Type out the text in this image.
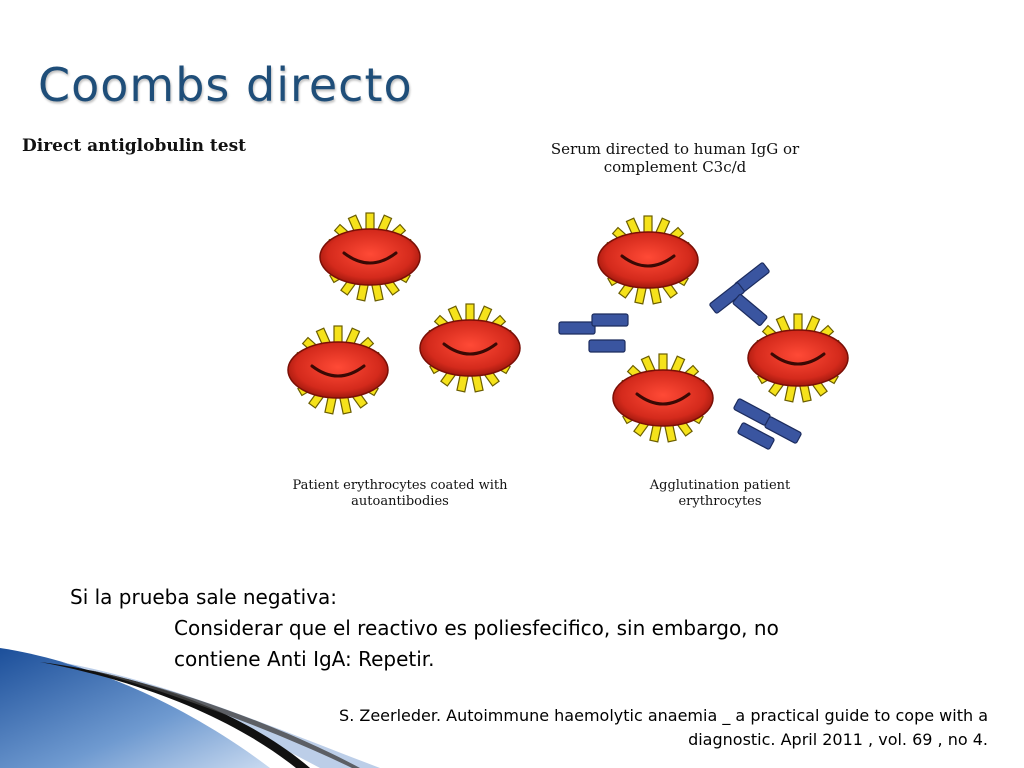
Coombs directo
Direct antiglobulin test	Serum directed to human IgG or
complement C3c/d
Patient erythrocytes coated with
autoantibodies
Agglutination patient
erythrocytes
Si la prueba sale negativa:
Considerar que el reactivo es poliesfecifico, sin embargo, no
contiene Anti IgA: Repetir.
S. Zeerleder. Autoimmune haemolytic anaemia _ a practical guide to cope with a
diagnostic. April 2011 , vol. 69 , no 4.
